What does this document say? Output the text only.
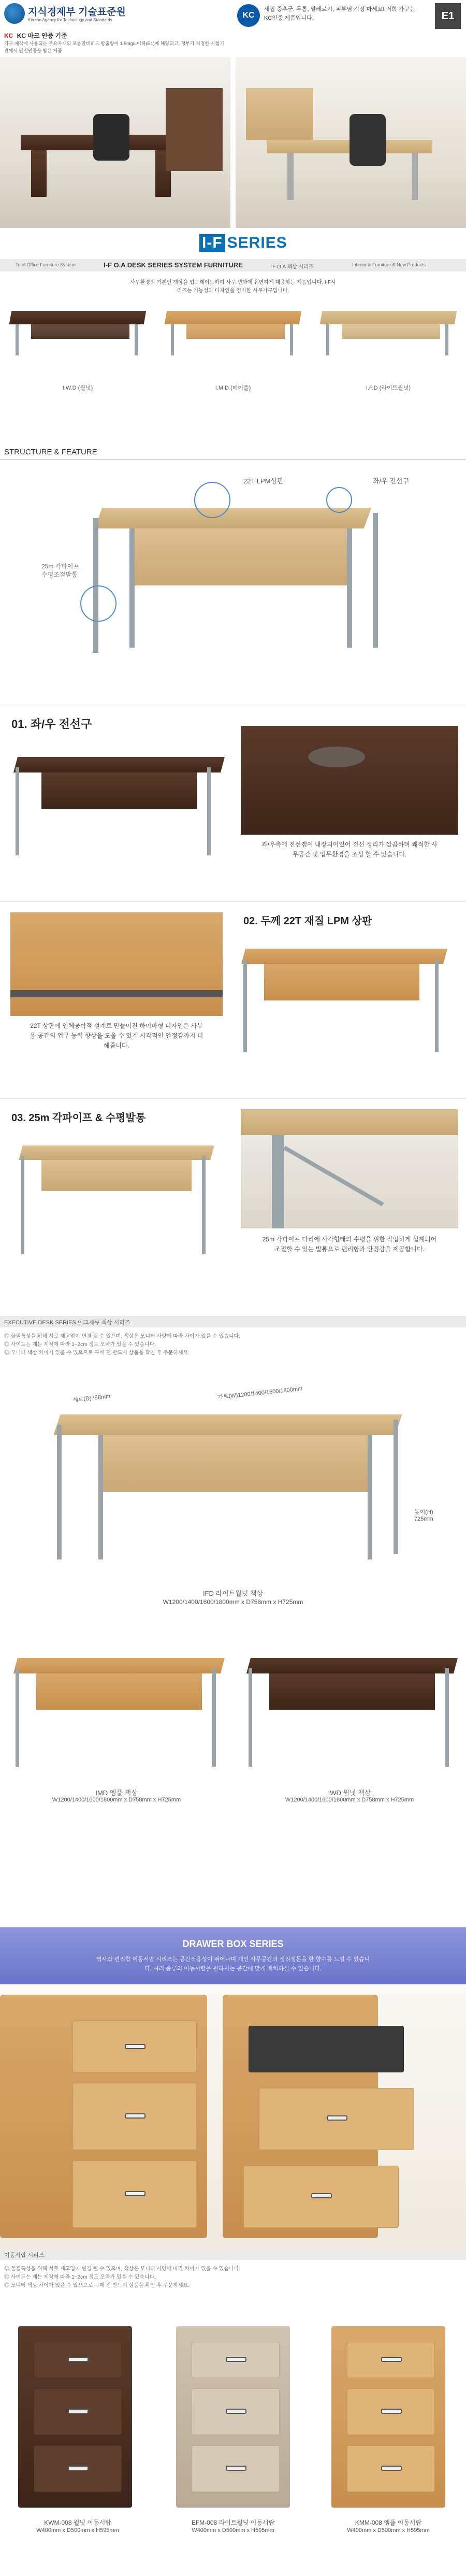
지식경제부 기술표준원
Korean Agency for Technology and Standards
KC KC 마크 인증 기준
가구 제작에 사용되는 주요자재의 포름알데히드 방출량이 1.5mg/L이하(E1)에 해당되고, 정부가 지정한 시험기관에서 안전인증을 받은 제품
KC
새집 증후군, 두통, 알레르기, 피부염 걱정 마세요! 저희 가구는 KC인증 제품입니다.	E1
I-F SERIES
Total Office Furniture System	I-F O.A DESK SERIES SYSTEM FURNITURE	I-F O.A 책상 시리즈	Interior & Furniture & New Products
사무환경의 기본인 책상을 업그레이드하여 사무 변화에 유연하게 대응하는 제품입니다. I-F시리즈는 기능성과 디자인을 겸비한 사무가구입니다.
I.W.D (월넛)	I.M.D (메이플)	I.F.D (라이트월넛)
STRUCTURE & FEATURE
22T LPM상판	좌/우 전선구
25m 각파이프
수평조절발통
01. 좌/우 전선구
좌/우측에 전선캡이 내장되어있어 전선 정리가 깔끔하며 쾌적한 사무공간 및 업무환경을 조성 할 수 있습니다.
22T 상판에 인체공학적 설계로 만들어진 하이바형 디자인은 사무용 공간의 업무 능력 향상을 도울 수 있게 시각적인 안정감까지 더해줍니다.
02. 두께 22T 재질 LPM 상판
03. 25m 각파이프 & 수평발통
25m 각파이프 다리에 사각형태의 수평을 위한 작업하게 설계되어 조절할 수 있는 발통으로 편리함과 안정감을 제공합니다.
EXECUTIVE DESK SERIES 이그제큐 책상 시리즈
◎ 물질특성을 위해 서로 제고업이 변경 될 수 있으며, 색상은 모니터 사양에 따라 차이가 있을 수 있습니다.
◎ 사이드는 제는 제작에 따라 1~2cm 정도 오차가 있을 수 있습니다.
◎ 모니터 색상 차이가 있을 수 있으므로 구매 전 반드시 상품을 확인 후 주문하세요.
세로(D)758mm	가로(W)1200/1400/1600/1800mm
높이(H)
725mm
IFD 라이트월넛 책상
W1200/1400/1600/1800mm x D758mm x H725mm
IMD 엠플 책상
W1200/1400/1600/1800mm x D758mm x H725mm
IWD 월넛 책상
W1200/1400/1600/1800mm x D758mm x H725mm
DRAWER BOX SERIES
역사와 편리함 이동서랍 시리즈는 공간적용성이 뛰어나며 개인 사무공간과 정리정돈을 한 향수를 느낄 수 있습니다. 여러 종류의 이동서랍을 원하시는 공간에 맞게 배치하실 수 있습니다.
이동서랍 시리즈
◎ 물질특성을 위해 서로 제고업이 변경 될 수 있으며, 색상은 모니터 사양에 따라 차이가 있을 수 있습니다.
◎ 사이드는 제는 제작에 따라 1~2cm 정도 오차가 있을 수 있습니다.
◎ 모니터 색상 차이가 있을 수 있으므로 구매 전 반드시 상품을 확인 후 주문하세요.
KWM-008 월넛 이동서랍
W400mm x D500mm x H595mm
EFM-008 라이트월넛 이동서랍
W400mm x D500mm x H595mm
KMM-008 엠플 이동서랍
W400mm x D500mm x H595mm
